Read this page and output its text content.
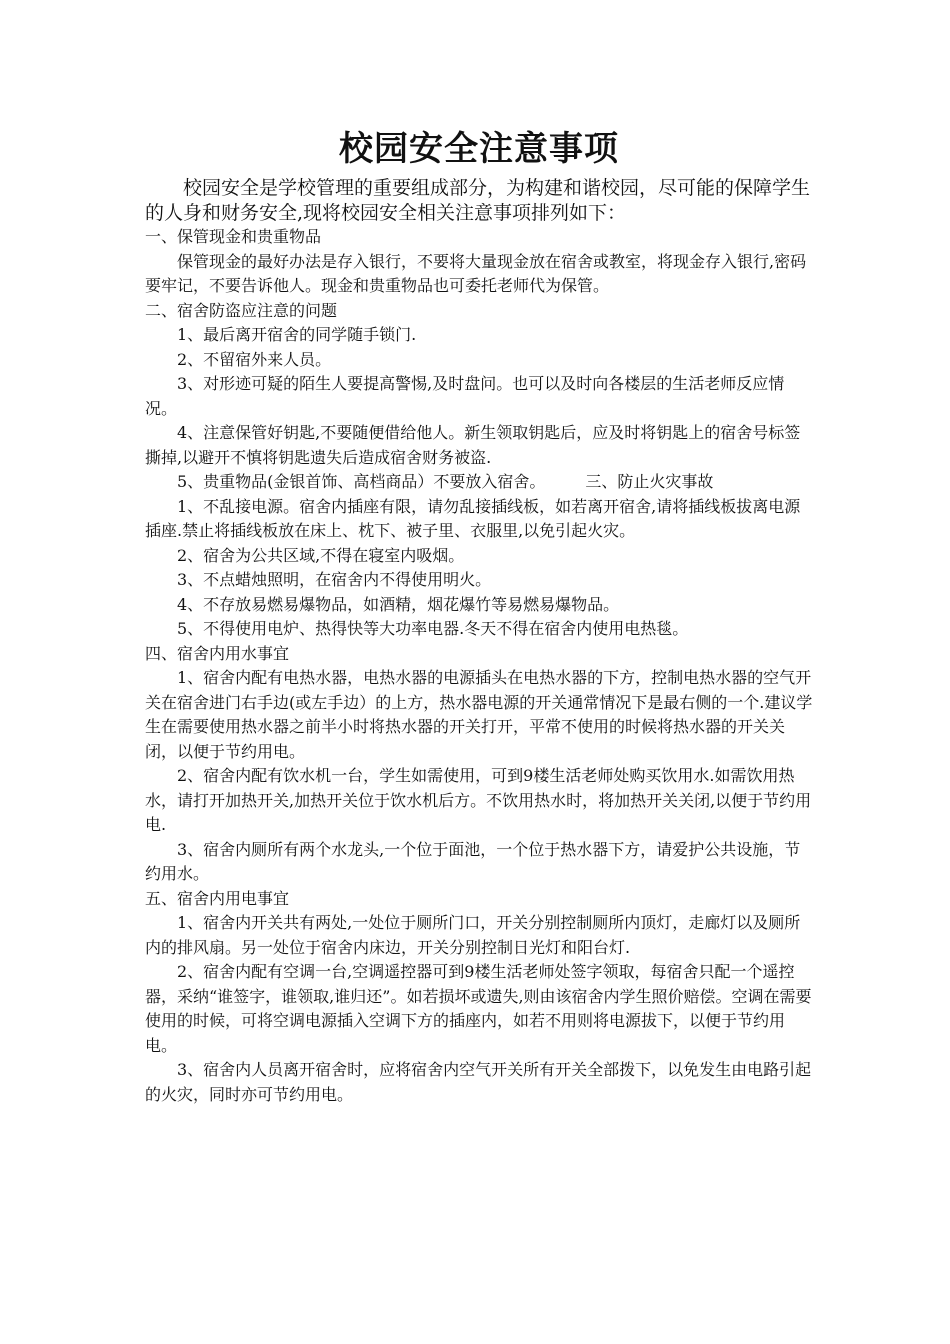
校园安全注意事项

校园安全是学校管理的重要组成部分，为构建和谐校园，尽可能的保障学生的人身和财务安全,现将校园安全相关注意事项排列如下：

一、保管现金和贵重物品

保管现金的最好办法是存入银行，不要将大量现金放在宿舍或教室，将现金存入银行,密码要牢记，不要告诉他人。现金和贵重物品也可委托老师代为保管。

二、宿舍防盗应注意的问题

1、最后离开宿舍的同学随手锁门.

2、不留宿外来人员。

3、对形迹可疑的陌生人要提高警惕,及时盘问。也可以及时向各楼层的生活老师反应情况。

4、注意保管好钥匙,不要随便借给他人。新生领取钥匙后，应及时将钥匙上的宿舍号标签撕掉,以避开不慎将钥匙遗失后造成宿舍财务被盗.

5、贵重物品(金银首饰、高档商品）不要放入宿舍。　　　三、防止火灾事故

1、不乱接电源。宿舍内插座有限，请勿乱接插线板，如若离开宿舍,请将插线板拔离电源插座.禁止将插线板放在床上、枕下、被子里、衣服里,以免引起火灾。

2、宿舍为公共区域,不得在寝室内吸烟。

3、不点蜡烛照明，在宿舍内不得使用明火。

4、不存放易燃易爆物品，如酒精，烟花爆竹等易燃易爆物品。

5、不得使用电炉、热得快等大功率电器.冬天不得在宿舍内使用电热毯。

四、宿舍内用水事宜

1、宿舍内配有电热水器，电热水器的电源插头在电热水器的下方，控制电热水器的空气开关在宿舍进门右手边(或左手边）的上方，热水器电源的开关通常情况下是最右侧的一个.建议学生在需要使用热水器之前半小时将热水器的开关打开，平常不使用的时候将热水器的开关关闭，以便于节约用电。

2、宿舍内配有饮水机一台，学生如需使用，可到9楼生活老师处购买饮用水.如需饮用热水，请打开加热开关,加热开关位于饮水机后方。不饮用热水时，将加热开关关闭,以便于节约用电.

3、宿舍内厕所有两个水龙头,一个位于面池，一个位于热水器下方，请爱护公共设施，节约用水。

五、宿舍内用电事宜

1、宿舍内开关共有两处,一处位于厕所门口，开关分别控制厕所内顶灯，走廊灯以及厕所内的排风扇。另一处位于宿舍内床边，开关分别控制日光灯和阳台灯.

2、宿舍内配有空调一台,空调遥控器可到9楼生活老师处签字领取，每宿舍只配一个遥控器，采纳“谁签字，谁领取,谁归还”。如若损坏或遗失,则由该宿舍内学生照价赔偿。空调在需要使用的时候，可将空调电源插入空调下方的插座内，如若不用则将电源拔下，以便于节约用电。

3、宿舍内人员离开宿舍时，应将宿舍内空气开关所有开关全部拨下，以免发生由电路引起的火灾，同时亦可节约用电。
